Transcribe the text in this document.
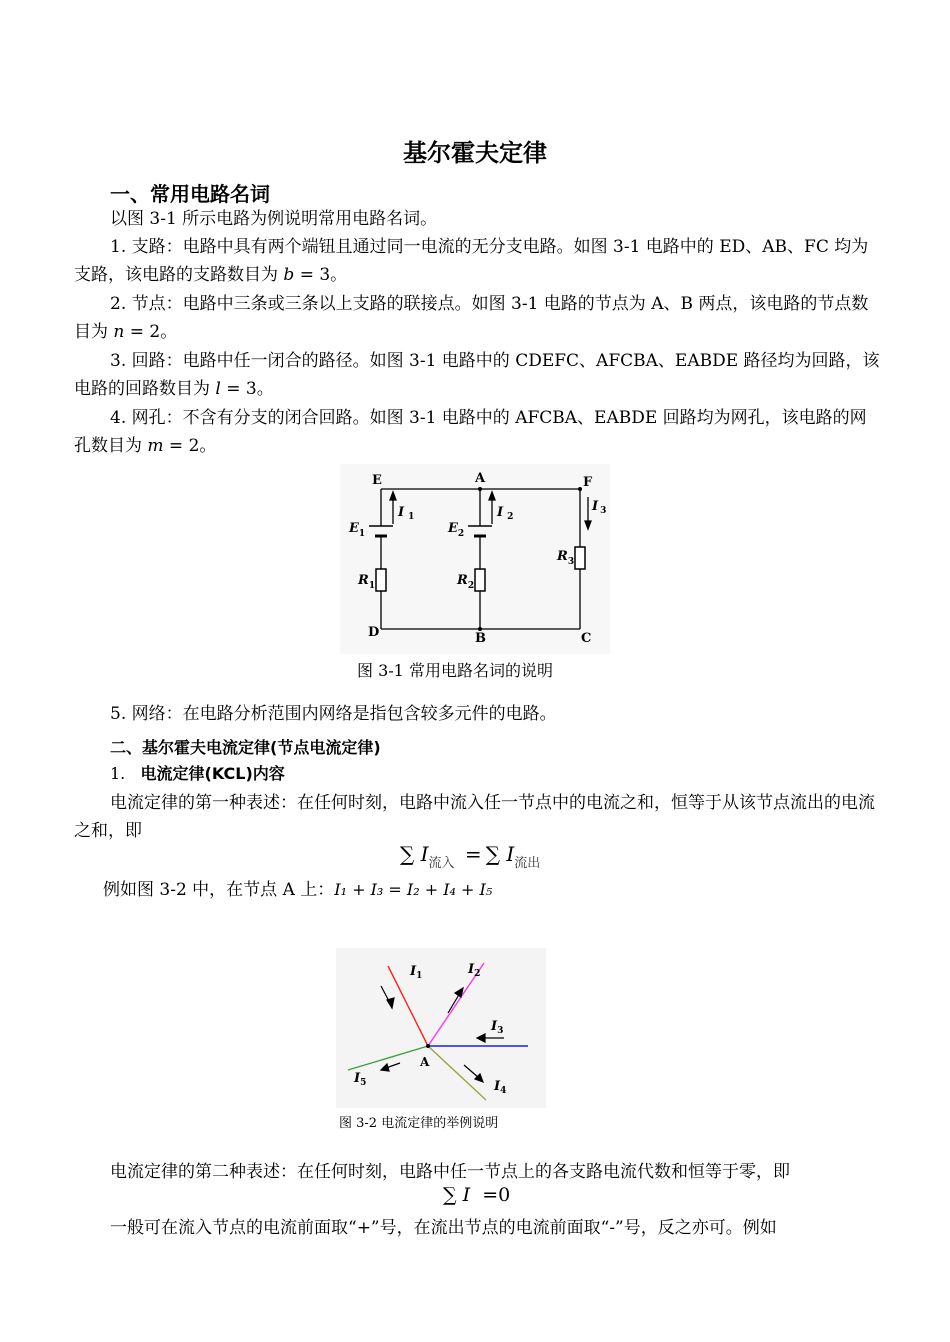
基尔霍夫定律
一、常用电路名词
以图 3-1 所示电路为例说明常用电路名词。
1. 支路：电路中具有两个端钮且通过同一电流的无分支电路。如图 3-1 电路中的 ED、AB、FC 均为支路，该电路的支路数目为 b = 3。
2. 节点：电路中三条或三条以上支路的联接点。如图 3-1 电路的节点为 A、B 两点，该电路的节点数目为 n = 2。
3. 回路：电路中任一闭合的路径。如图 3-1 电路中的 CDEFC、AFCBA、EABDE 路径均为回路，该电路的回路数目为 l = 3。
4. 网孔：不含有分支的闭合回路。如图 3-1 电路中的 AFCBA、EABDE 回路均为网孔，该电路的网孔数目为 m = 2。
E	A	F
D	B	C
I $_1$	I $_2$
I $_3$
$E_1$	$E_2$
$R_1$	$R_2$
$R_3$
图 3-1 常用电路名词的说明
5. 网络：在电路分析范围内网络是指包含较多元件的电路。
二、基尔霍夫电流定律(节点电流定律)
1. 电流定律(KCL)内容
电流定律的第一种表述：在任何时刻，电路中流入任一节点中的电流之和，恒等于从该节点流出的电流之和，即
∑ $I_{流入}$ = ∑ $I_{流出}$
例如图 3-2 中，在节点 A 上：I₁ + I₃ = I₂ + I₄ + I₅
$I_1$	$I_2$
$I_3$
$I_4$
$I_5$
A
图 3-2 电流定律的举例说明
电流定律的第二种表述：在任何时刻，电路中任一节点上的各支路电流代数和恒等于零，即
∑ I =0
一般可在流入节点的电流前面取“+”号，在流出节点的电流前面取“-”号，反之亦可。例如
